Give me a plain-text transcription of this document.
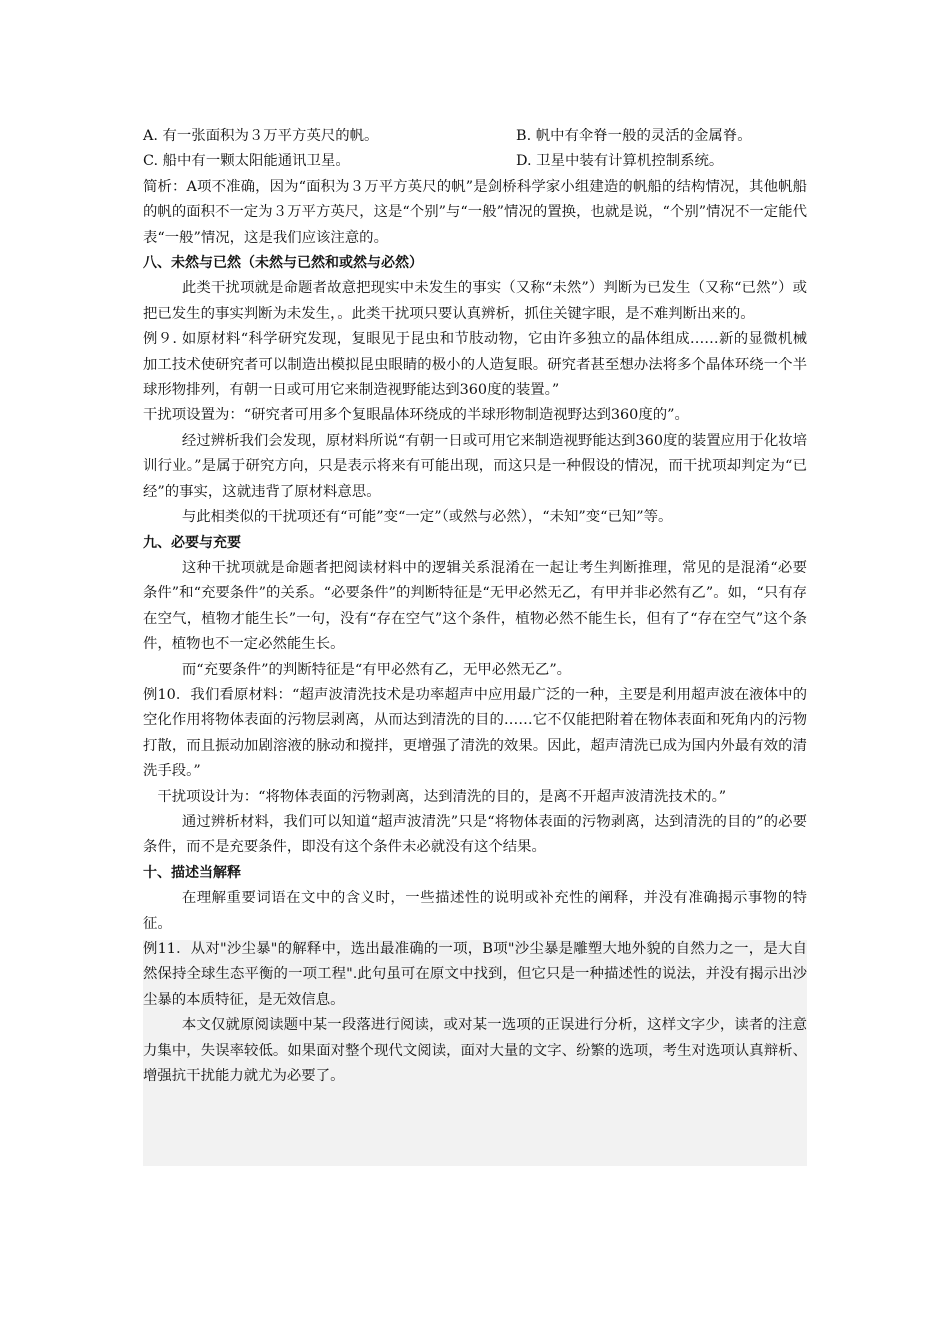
A. 有一张面积为３万平方英尺的帆。	B. 帆中有伞脊一般的灵活的金属脊。
C. 船中有一颗太阳能通讯卫星。	D. 卫星中装有计算机控制系统。

简析：A项不准确，因为“面积为３万平方英尺的帆”是剑桥科学家小组建造的帆船的结构情况，其他帆船的帆的面积不一定为３万平方英尺，这是“个别”与“一般”情况的置换，也就是说，“个别”情况不一定能代表“一般”情况，这是我们应该注意的。

八、未然与已然（未然与已然和或然与必然）

此类干扰项就是命题者故意把现实中未发生的事实（又称“未然”）判断为已发生（又称“已然”）或把已发生的事实判断为未发生，。此类干扰项只要认真辨析，抓住关键字眼，是不难判断出来的。

例９. 如原材料“科学研究发现，复眼见于昆虫和节肢动物，它由许多独立的晶体组成……新的显微机械加工技术使研究者可以制造出模拟昆虫眼睛的极小的人造复眼。研究者甚至想办法将多个晶体环绕一个半球形物排列，有朝一日或可用它来制造视野能达到360度的装置。”

干扰项设置为：“研究者可用多个复眼晶体环绕成的半球形物制造视野达到360度的”。

经过辨析我们会发现，原材料所说“有朝一日或可用它来制造视野能达到360度的装置应用于化妆培训行业。”是属于研究方向，只是表示将来有可能出现，而这只是一种假设的情况，而干扰项却判定为“已经”的事实，这就违背了原材料意思。

与此相类似的干扰项还有“可能”变“一定”（或然与必然），“未知”变“已知”等。

九、必要与充要

这种干扰项就是命题者把阅读材料中的逻辑关系混淆在一起让考生判断推理，常见的是混淆“必要条件”和“充要条件”的关系。“必要条件”的判断特征是“无甲必然无乙，有甲并非必然有乙”。如，“只有存在空气，植物才能生长”一句，没有“存在空气”这个条件，植物必然不能生长，但有了“存在空气”这个条件，植物也不一定必然能生长。

而“充要条件”的判断特征是“有甲必然有乙，无甲必然无乙”。

例10．我们看原材料：“超声波清洗技术是功率超声中应用最广泛的一种，主要是利用超声波在液体中的空化作用将物体表面的污物层剥离，从而达到清洗的目的……它不仅能把附着在物体表面和死角内的污物打散，而且振动加剧溶液的脉动和搅拌，更增强了清洗的效果。因此，超声清洗已成为国内外最有效的清洗手段。”

干扰项设计为：“将物体表面的污物剥离，达到清洗的目的，是离不开超声波清洗技术的。”

通过辨析材料，我们可以知道“超声波清洗”只是“将物体表面的污物剥离，达到清洗的目的”的必要条件，而不是充要条件，即没有这个条件未必就没有这个结果。

十、描述当解释

在理解重要词语在文中的含义时，一些描述性的说明或补充性的阐释，并没有准确揭示事物的特征。

例11．从对"沙尘暴"的解释中，选出最准确的一项，B项"沙尘暴是雕塑大地外貌的自然力之一，是大自然保持全球生态平衡的一项工程".此句虽可在原文中找到，但它只是一种描述性的说法，并没有揭示出沙尘暴的本质特征，是无效信息。

本文仅就原阅读题中某一段落进行阅读，或对某一选项的正误进行分析，这样文字少，读者的注意力集中，失误率较低。如果面对整个现代文阅读，面对大量的文字、纷繁的选项，考生对选项认真辩析、增强抗干扰能力就尤为必要了。
